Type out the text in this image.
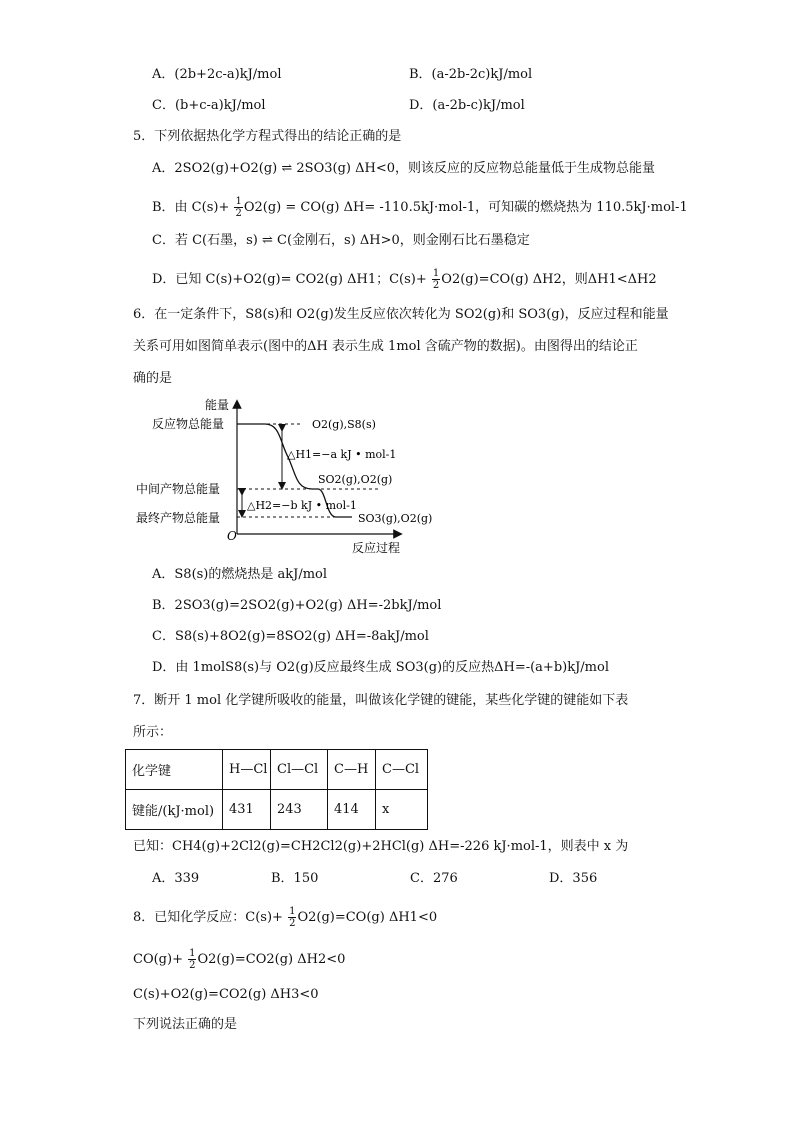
A．(2b+2c-a)kJ/mol	B．(a-2b-2c)kJ/mol
C．(b+c-a)kJ/mol	D．(a-2b-c)kJ/mol
5．下列依据热化学方程式得出的结论正确的是
A．2SO2(g)+O2(g) ⇌ 2SO3(g) ΔH<0，则该反应的反应物总能量低于生成物总能量
B．由 $C(s)+ \frac{1}{2} O2(g) = CO(g)$ ΔH= -110.5kJ·mol-1，可知碳的燃烧热为 110.5kJ·mol-1
C．若 C(石墨，s) ⇌ C(金刚石，s) ΔH>0，则金刚石比石墨稳定
D．已知 C(s)+O2(g)= CO2(g) ΔH1；$C(s)+ \frac{1}{2} O2(g)=CO(g)$ ΔH2，则ΔH1<ΔH2
6．在一定条件下，S8(s)和 O2(g)发生反应依次转化为 SO2(g)和 SO3(g)，反应过程和能量
关系可用如图简单表示(图中的ΔH 表示生成 1mol 含硫产物的数据)。由图得出的结论正
确的是
能量
反应过程
O
反应物总能量
中间产物总能量
最终产物总能量
O2(g),S8(s)
SO2(g),O2(g)
SO3(g),O2(g)
△H1=−a kJ • mol-1
△H2=−b kJ • mol-1
A．S8(s)的燃烧热是 akJ/mol
B．2SO3(g)=2SO2(g)+O2(g) ΔH=-2bkJ/mol
C．S8(s)+8O2(g)=8SO2(g) ΔH=-8akJ/mol
D．由 1molS8(s)与 O2(g)反应最终生成 SO3(g)的反应热ΔH=-(a+b)kJ/mol
7．断开 1 mol 化学键所吸收的能量，叫做该化学键的键能，某些化学键的键能如下表
所示：
化学键	H—Cl	Cl—Cl	C—H	C—Cl
键能/(kJ·mol)	431	243	414	x
已知：CH4(g)+2Cl2(g)=CH2Cl2(g)+2HCl(g) ΔH=-226 kJ·mol-1，则表中 x 为
A．339	B．150	C．276	D．356
8．已知化学反应：$C(s)+ \frac{1}{2} O2(g)=CO(g)$ ΔH1<0
$CO(g)+ \frac{1}{2} O2(g)=CO2(g)$ ΔH2<0
C(s)+O2(g)=CO2(g) ΔH3<0
下列说法正确的是
